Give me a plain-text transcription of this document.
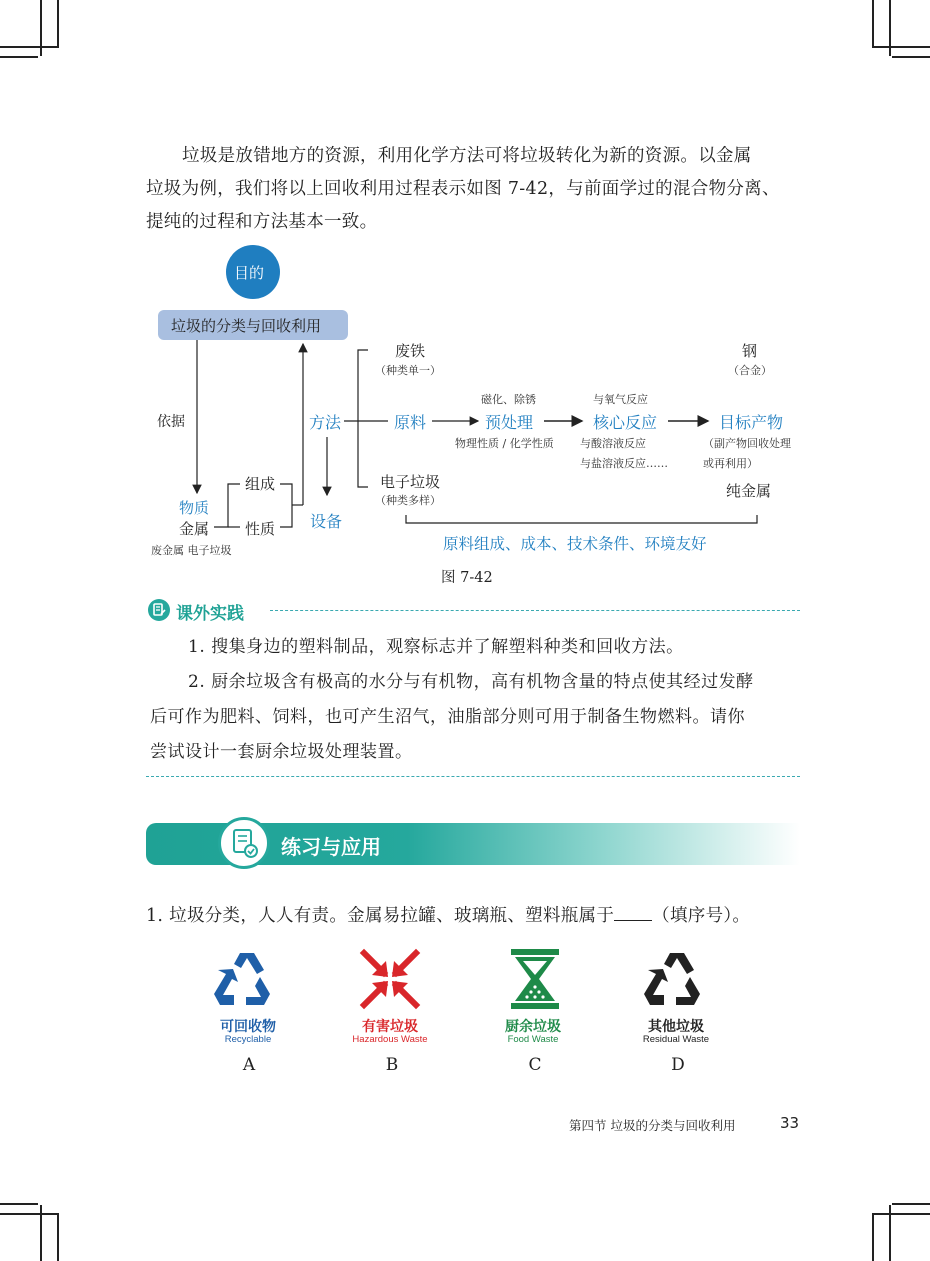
垃圾是放错地方的资源，利用化学方法可将垃圾转化为新的资源。以金属
垃圾为例，我们将以上回收利用过程表示如图 7-42，与前面学过的混合物分离、
提纯的过程和方法基本一致。
目的
垃圾的分类与回收利用
依据	方法
组成
性质
物质
金属
废金属 电子垃圾
设备
废铁
（种类单一）
电子垃圾
（种类多样）
原料
物理性质 / 化学性质
磁化、除锈
预处理
与氧气反应
核心反应
与酸溶液反应
与盐溶液反应……
目标产物
（副产物回收处理
或再利用）
钢
（合金）
纯金属
原料组成、成本、技术条件、环境友好
图 7-42
课外实践
1. 搜集身边的塑料制品，观察标志并了解塑料种类和回收方法。
2. 厨余垃圾含有极高的水分与有机物，高有机物含量的特点使其经过发酵
后可作为肥料、饲料，也可产生沼气，油脂部分则可用于制备生物燃料。请你
尝试设计一套厨余垃圾处理装置。
练习与应用
1. 垃圾分类，人人有责。金属易拉罐、玻璃瓶、塑料瓶属于 （填序号）。
可回收物
Recyclable
A
有害垃圾
Hazardous Waste
B
厨余垃圾
Food Waste
C
其他垃圾
Residual Waste
D
第四节 垃圾的分类与回收利用	33
